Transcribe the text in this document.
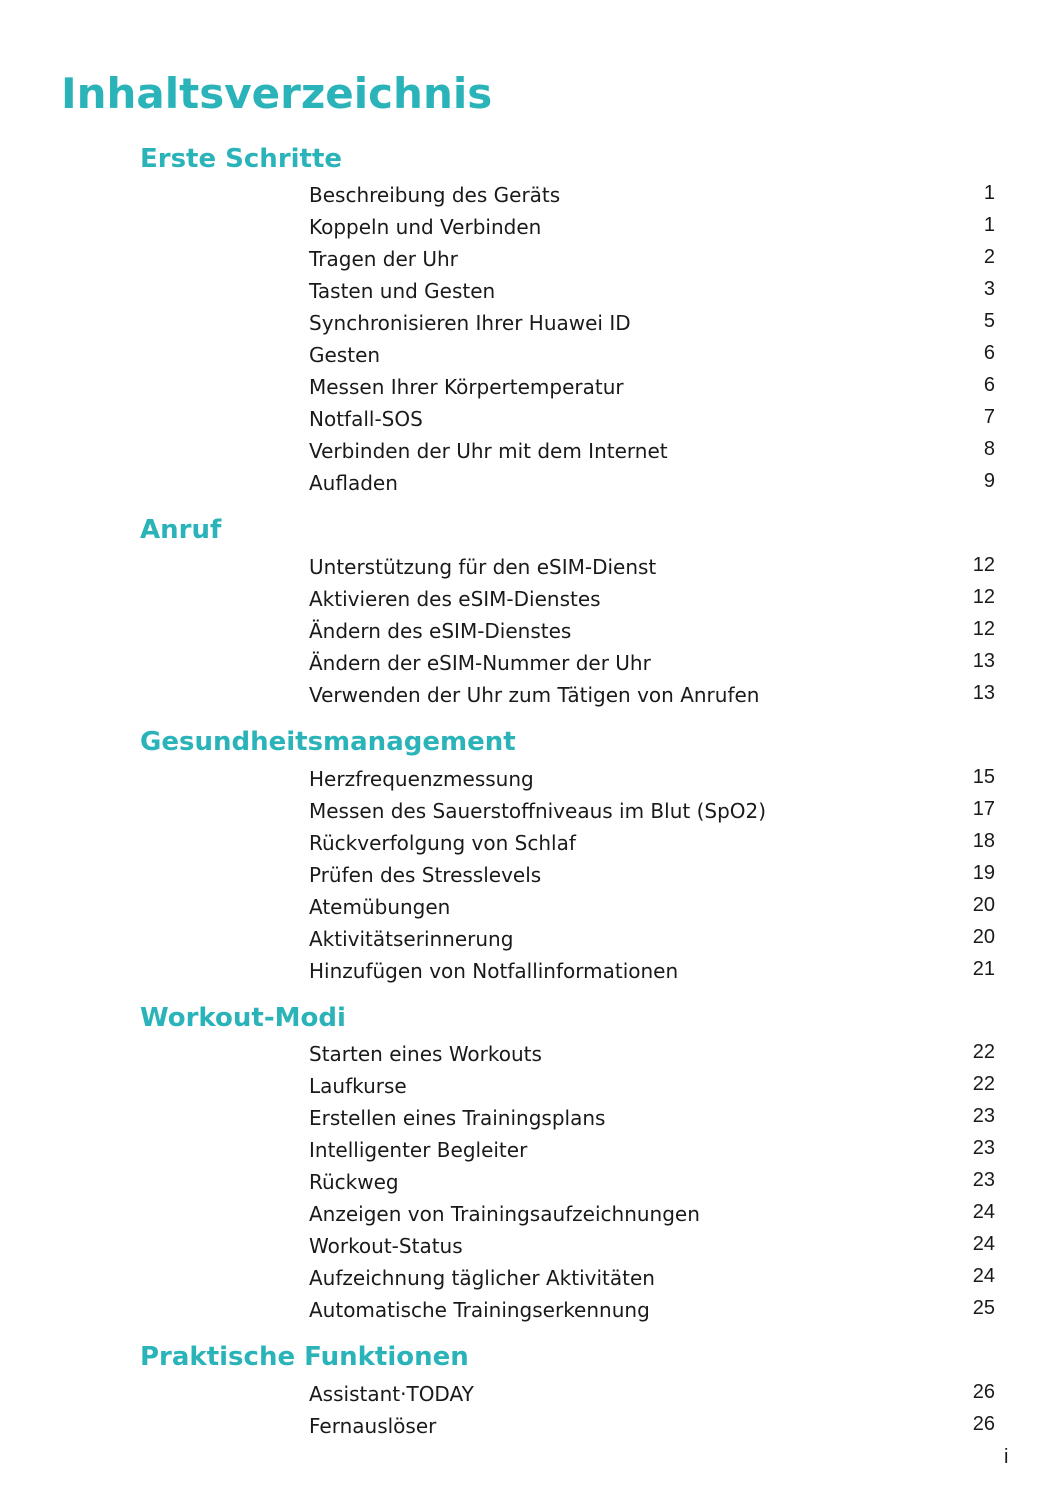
Inhaltsverzeichnis
Erste Schritte
Beschreibung des Geräts	1
Koppeln und Verbinden	1
Tragen der Uhr	2
Tasten und Gesten	3
Synchronisieren Ihrer Huawei ID	5
Gesten	6
Messen Ihrer Körpertemperatur	6
Notfall-SOS	7
Verbinden der Uhr mit dem Internet	8
Aufladen	9
Anruf
Unterstützung für den eSIM-Dienst	12
Aktivieren des eSIM-Dienstes	12
Ändern des eSIM-Dienstes	12
Ändern der eSIM-Nummer der Uhr	13
Verwenden der Uhr zum Tätigen von Anrufen	13
Gesundheitsmanagement
Herzfrequenzmessung	15
Messen des Sauerstoffniveaus im Blut (SpO2)	17
Rückverfolgung von Schlaf	18
Prüfen des Stresslevels	19
Atemübungen	20
Aktivitätserinnerung	20
Hinzufügen von Notfallinformationen	21
Workout-Modi
Starten eines Workouts	22
Laufkurse	22
Erstellen eines Trainingsplans	23
Intelligenter Begleiter	23
Rückweg	23
Anzeigen von Trainingsaufzeichnungen	24
Workout-Status	24
Aufzeichnung täglicher Aktivitäten	24
Automatische Trainingserkennung	25
Praktische Funktionen
Assistant·TODAY	26
Fernauslöser	26
i
